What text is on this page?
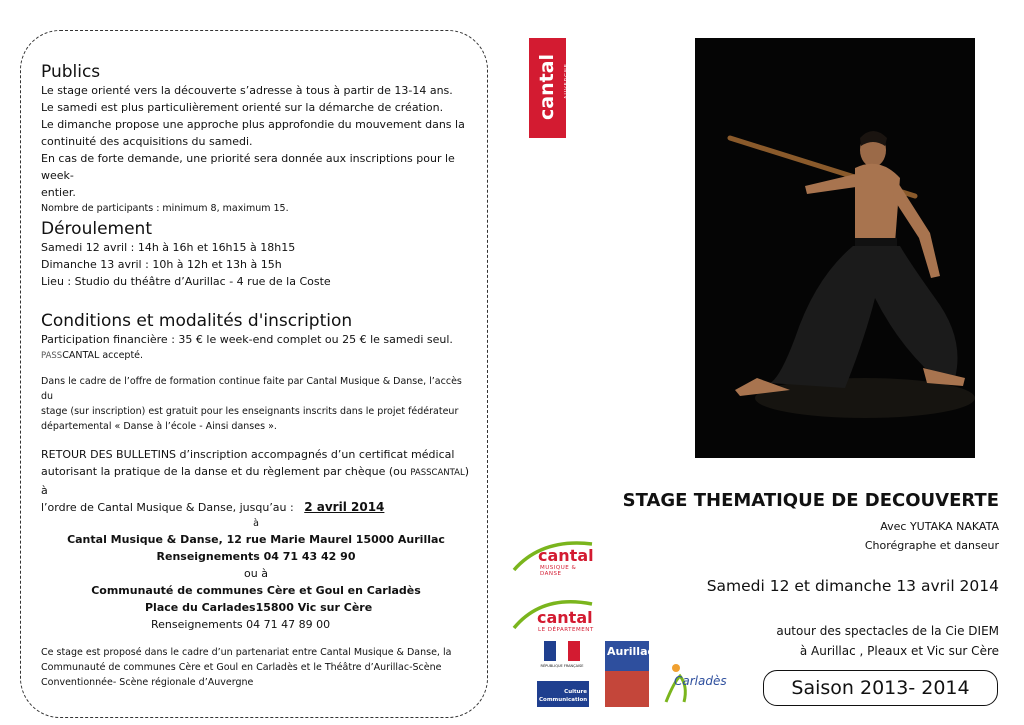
Publics

Le stage orienté vers la découverte s’adresse à tous à partir de 13-14 ans.

Le samedi est plus particulièrement orienté sur la démarche de création.

Le dimanche propose une approche plus approfondie du mouvement dans la

continuité des acquisitions du samedi.

En cas de forte demande, une priorité sera donnée aux inscriptions pour le week-

entier.

Nombre de participants : minimum 8, maximum 15.

Déroulement

Samedi 12 avril : 14h à 16h et 16h15 à 18h15

Dimanche 13 avril : 10h à 12h et 13h à 15h

Lieu : Studio du théâtre d’Aurillac - 4 rue de la Coste

Conditions et modalités d'inscription

Participation financière : 35 € le week-end complet ou 25 € le samedi seul.

PASSCANTAL accepté.

Dans le cadre de l’offre de formation continue faite par Cantal Musique & Danse, l’accès du

stage (sur inscription) est gratuit pour les enseignants inscrits dans le projet fédérateur

départemental « Danse à l’école - Ainsi danses ».

RETOUR DES BULLETINS d’inscription accompagnés d’un certificat médical

autorisant la pratique de la danse et du règlement par chèque (ou PASSCANTAL) à

l’ordre de Cantal Musique & Danse, jusqu’au : 2 avril 2014

à

Cantal Musique & Danse, 12 rue Marie Maurel 15000 Aurillac

Renseignements 04 71 43 42 90

ou à

Communauté de communes Cère et Goul en Carladès

Place du Carlades15800 Vic sur Cère

Renseignements 04 71 47 89 00

Ce stage est proposé dans le cadre d’un partenariat entre Cantal Musique & Danse, la

Communauté de communes Cère et Goul en Carladès et le Théâtre d’Aurillac-Scène

Conventionnée- Scène régionale d’Auvergne

cantal AUVERGNE
STAGE THEMATIQUE DE DECOUVERTE
Avec YUTAKA NAKATA
Chorégraphe et danseur
Samedi 12 et dimanche 13 avril 2014
autour des spectacles de la Cie DIEM
à Aurillac , Pleaux et Vic sur Cère
Saison 2013- 2014
cantal
MUSIQUE & DANSE
cantal
LE DÉPARTEMENT
RÉPUBLIQUE FRANÇAISE
Culture
Communication
Aurillac
Carladès
